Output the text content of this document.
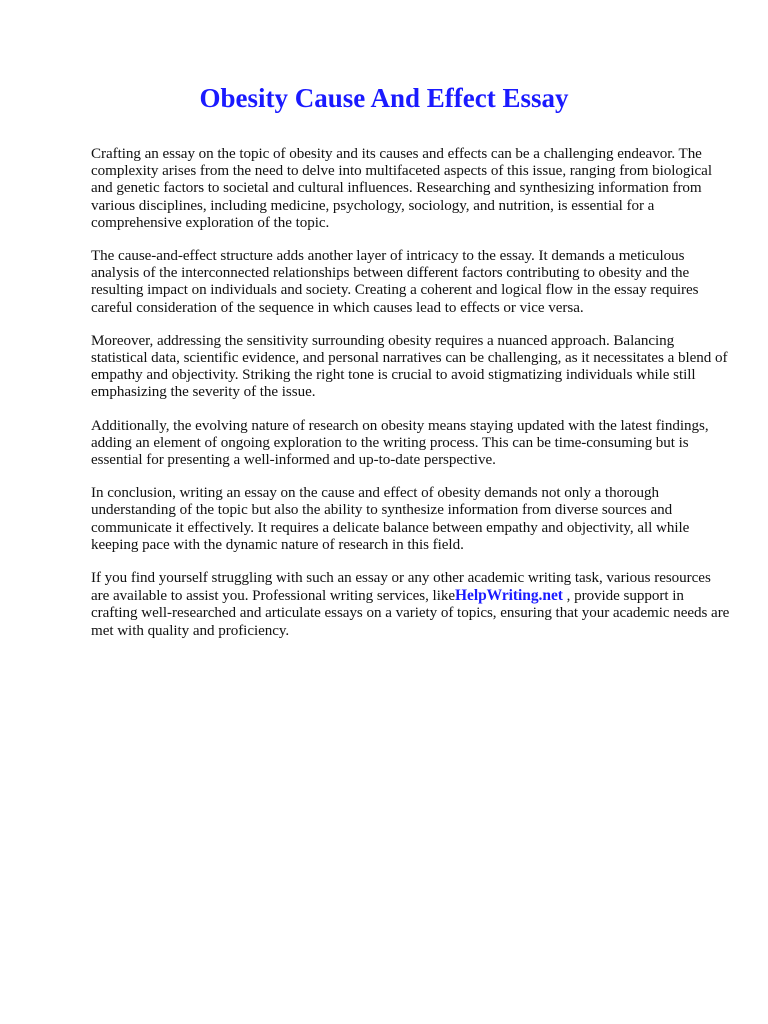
Obesity Cause And Effect Essay

Crafting an essay on the topic of obesity and its causes and effects can be a challenging endeavor. The complexity arises from the need to delve into multifaceted aspects of this issue, ranging from biological and genetic factors to societal and cultural influences. Researching and synthesizing information from various disciplines, including medicine, psychology, sociology, and nutrition, is essential for a comprehensive exploration of the topic.

The cause-and-effect structure adds another layer of intricacy to the essay. It demands a meticulous analysis of the interconnected relationships between different factors contributing to obesity and the resulting impact on individuals and society. Creating a coherent and logical flow in the essay requires careful consideration of the sequence in which causes lead to effects or vice versa.

Moreover, addressing the sensitivity surrounding obesity requires a nuanced approach. Balancing statistical data, scientific evidence, and personal narratives can be challenging, as it necessitates a blend of empathy and objectivity. Striking the right tone is crucial to avoid stigmatizing individuals while still emphasizing the severity of the issue.

Additionally, the evolving nature of research on obesity means staying updated with the latest findings, adding an element of ongoing exploration to the writing process. This can be time-consuming but is essential for presenting a well-informed and up-to-date perspective.

In conclusion, writing an essay on the cause and effect of obesity demands not only a thorough understanding of the topic but also the ability to synthesize information from diverse sources and communicate it effectively. It requires a delicate balance between empathy and objectivity, all while keeping pace with the dynamic nature of research in this field.

If you find yourself struggling with such an essay or any other academic writing task, various resources are available to assist you. Professional writing services, likeHelpWriting.net , provide support in crafting well-researched and articulate essays on a variety of topics, ensuring that your academic needs are met with quality and proficiency.
